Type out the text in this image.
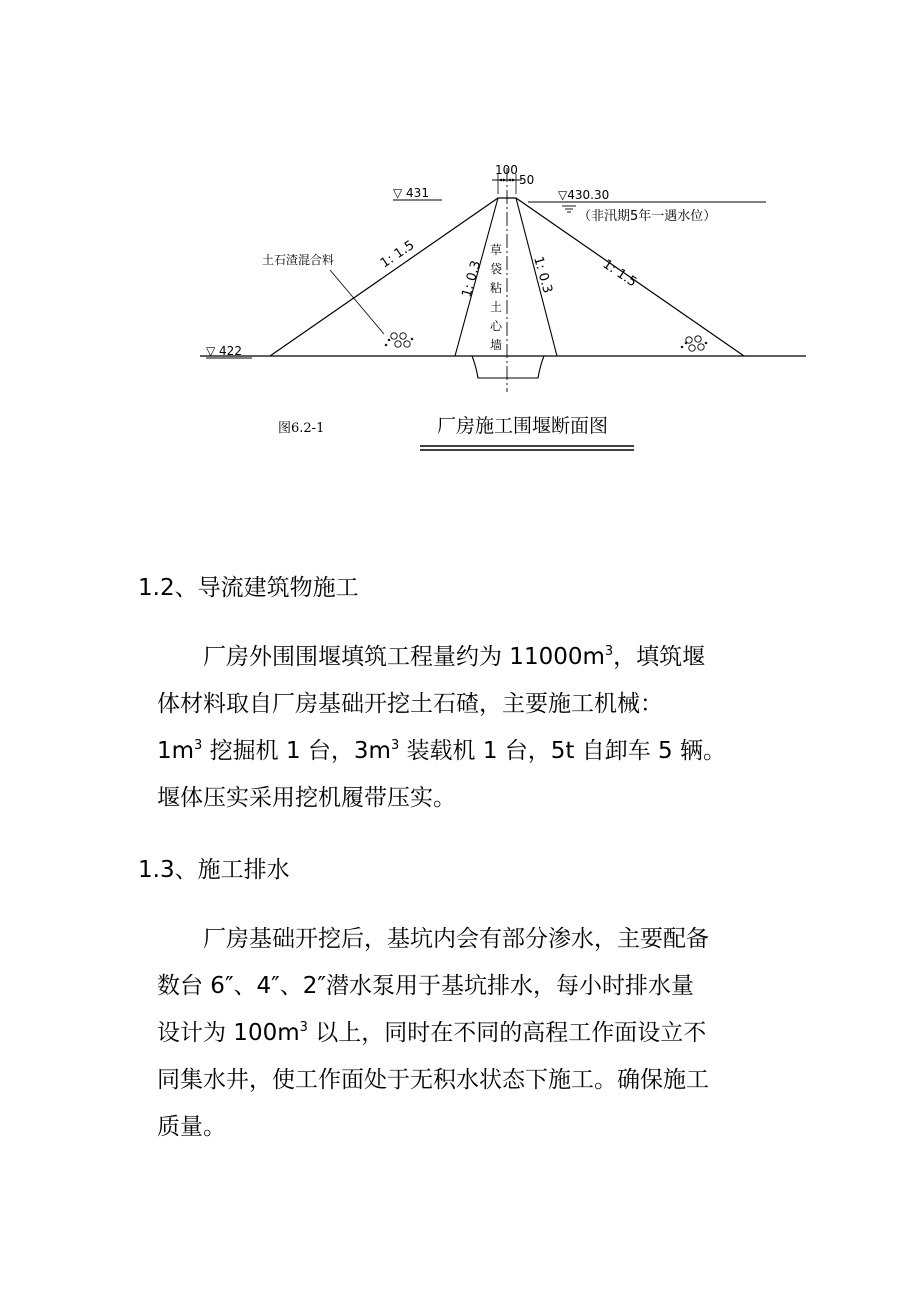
100
50
▽ 431	▽430.30
（非汛期5年一遇水位）
▽ 422
土石渣混合料	1: 1.5
1: 0.3	1: 0.3	1: 1.5
草
袋
粘
土
心
墙
图6.2-1	厂房施工围堰断面图
1.2、导流建筑物施工
厂房外围围堰填筑工程量约为 $11000m^3$，填筑堰
体材料取自厂房基础开挖土石碴，主要施工机械：
$1m^3$ 挖掘机 1 台，$3m^3$ 装载机 1 台，5t 自卸车 5 辆。
堰体压实采用挖机履带压实。
1.3、施工排水
厂房基础开挖后，基坑内会有部分渗水，主要配备
数台 6″、4″、2″潜水泵用于基坑排水，每小时排水量
设计为 $100m^3$ 以上，同时在不同的高程工作面设立不
同集水井，使工作面处于无积水状态下施工。确保施工
质量。
